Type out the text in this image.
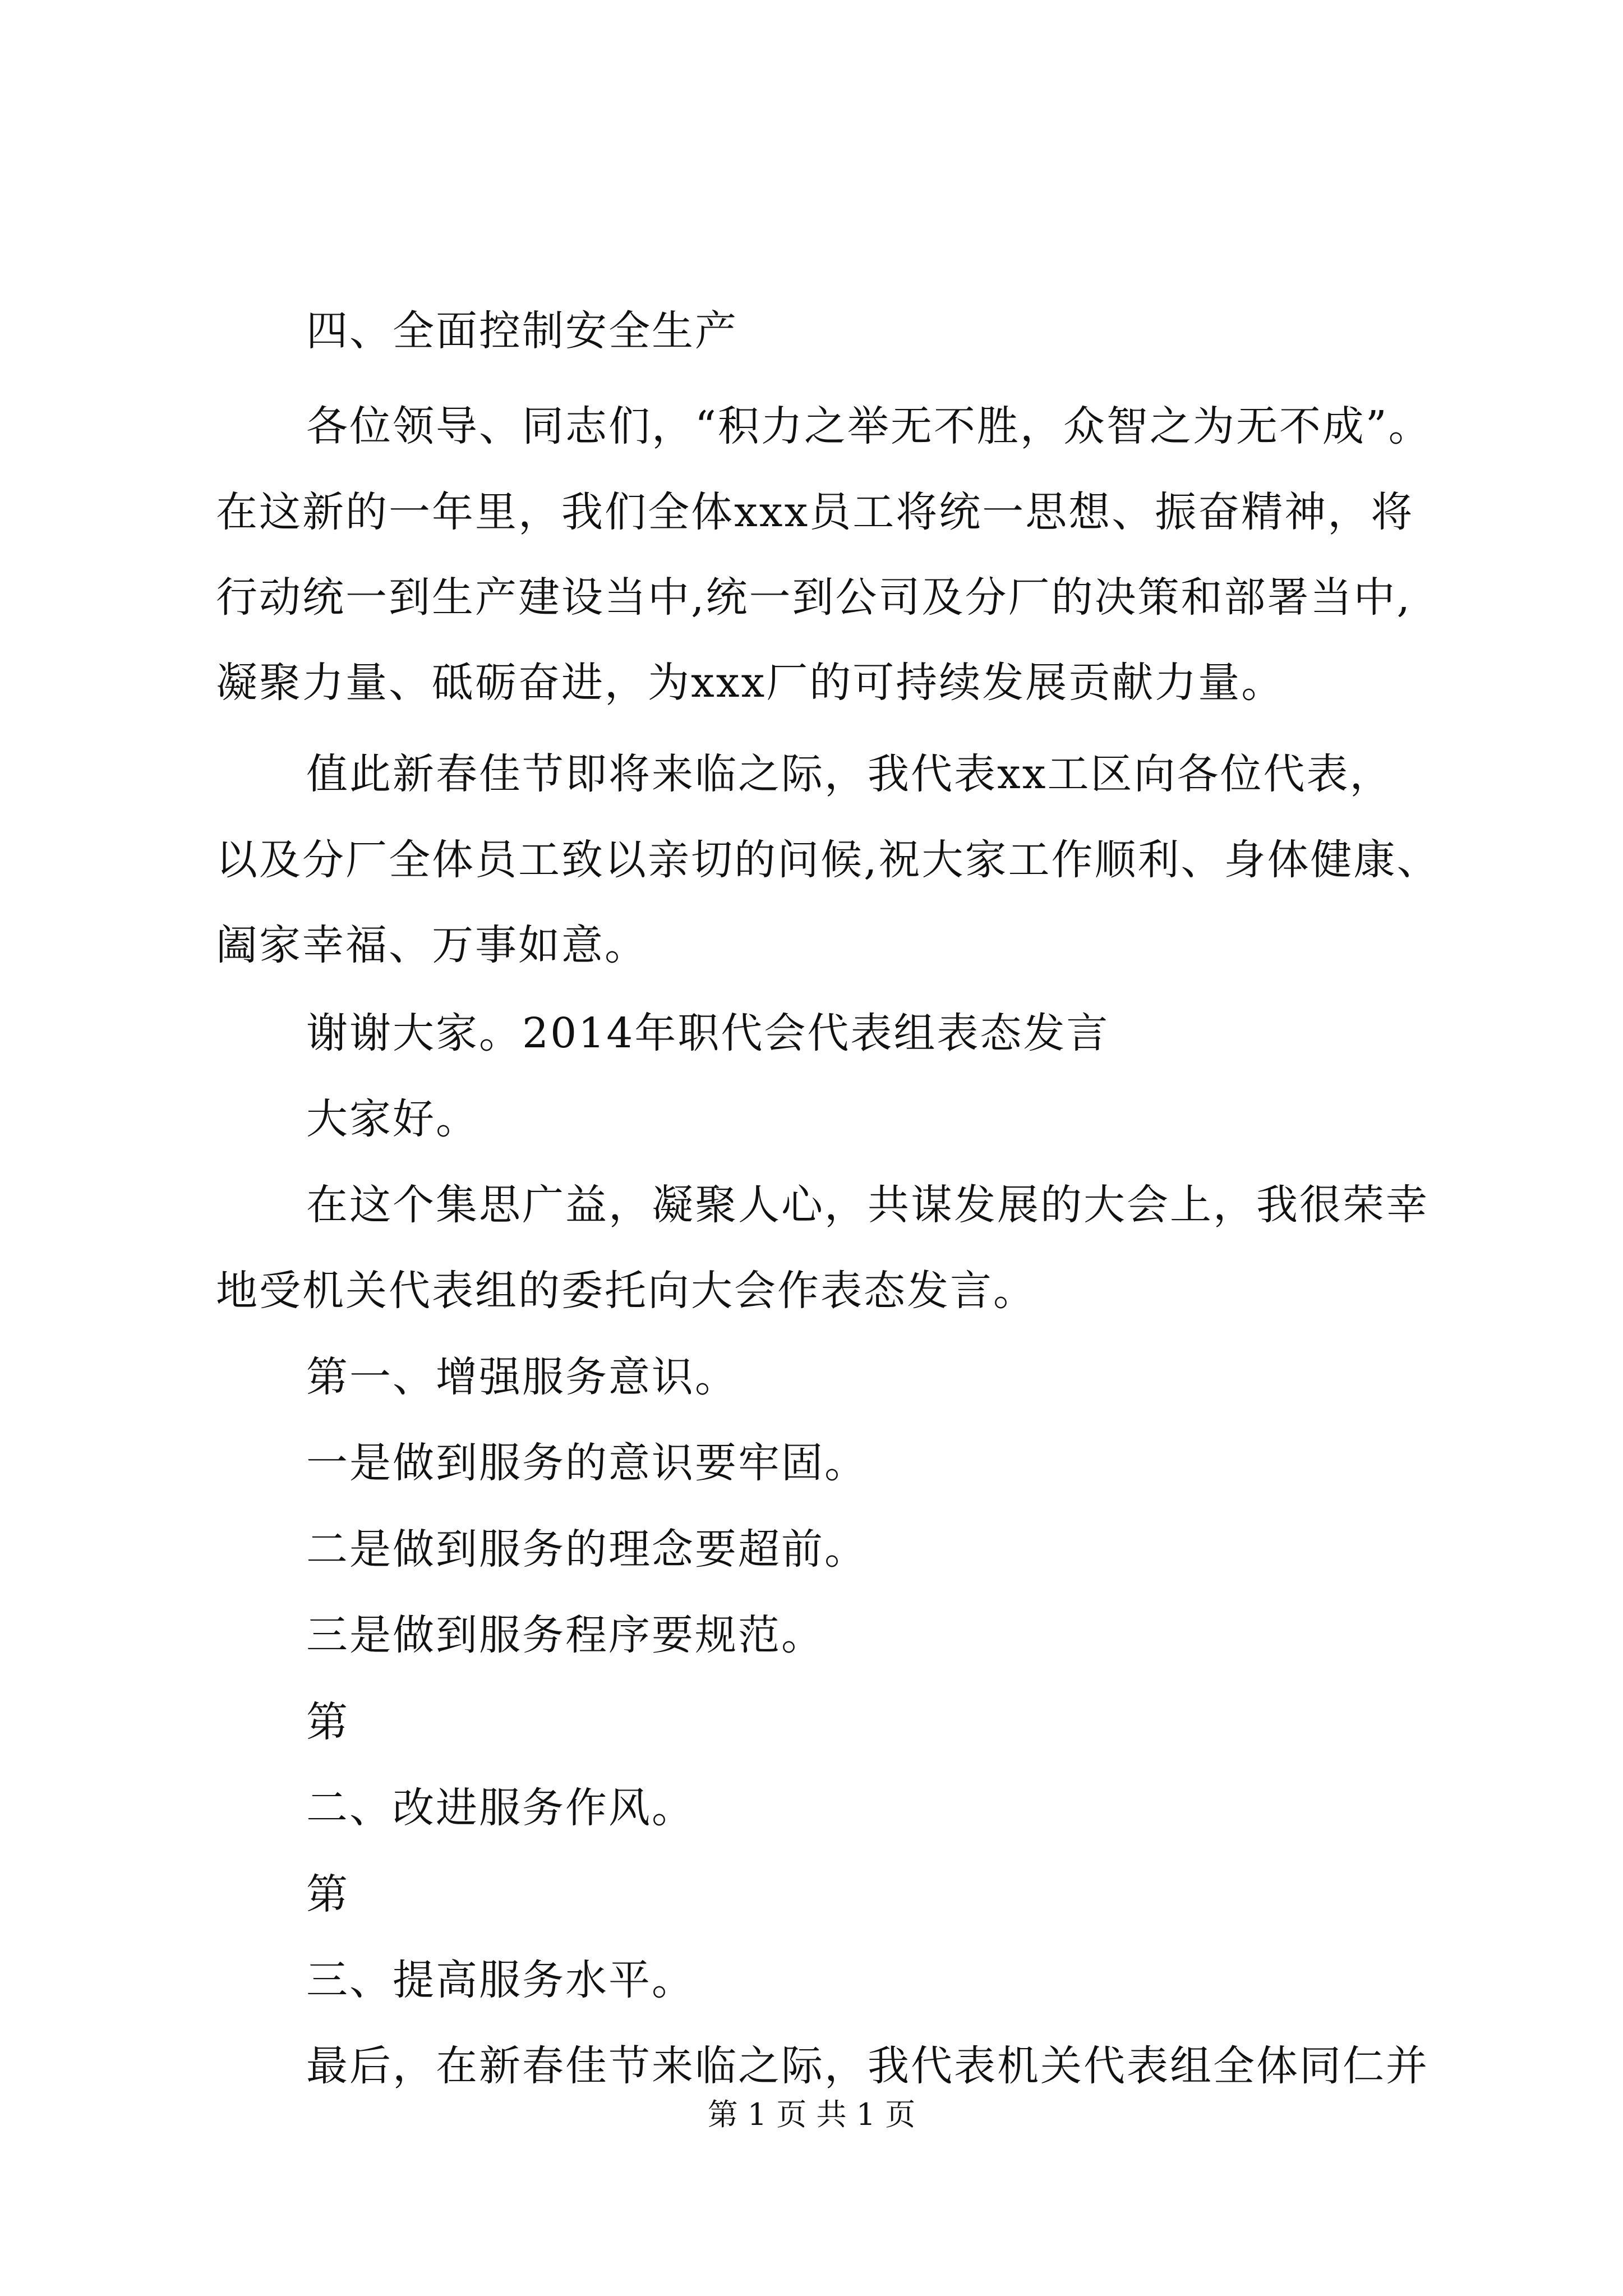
四、全面控制安全生产
各位领导、同志们，“积力之举无不胜，众智之为无不成”。
在这新的一年里，我们全体xxx员工将统一思想、振奋精神，将
行动统一到生产建设当中,统一到公司及分厂的决策和部署当中,
凝聚力量、砥砺奋进，为xxx厂的可持续发展贡献力量。
值此新春佳节即将来临之际，我代表xx工区向各位代表，
以及分厂全体员工致以亲切的问候,祝大家工作顺利、身体健康、
阖家幸福、万事如意。
谢谢大家。2014年职代会代表组表态发言
大家好。
在这个集思广益，凝聚人心，共谋发展的大会上，我很荣幸
地受机关代表组的委托向大会作表态发言。
第一、增强服务意识。
一是做到服务的意识要牢固。
二是做到服务的理念要超前。
三是做到服务程序要规范。
第
二、改进服务作风。
第
三、提高服务水平。
最后，在新春佳节来临之际，我代表机关代表组全体同仁并
第 1 页 共 1 页
